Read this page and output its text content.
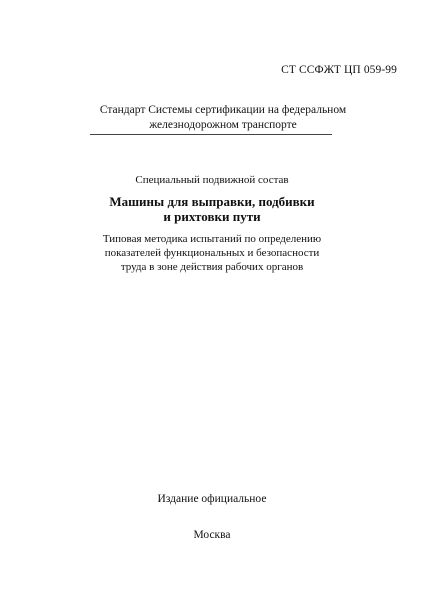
СТ ССФЖТ ЦП 059-99
Стандарт Системы сертификации на федеральном
железнодорожном транспорте
Специальный подвижной состав
Машины для выправки, подбивки
и рихтовки пути
Типовая методика испытаний по определению
показателей функциональных и безопасности
труда в зоне действия рабочих органов
Издание официальное
Москва
